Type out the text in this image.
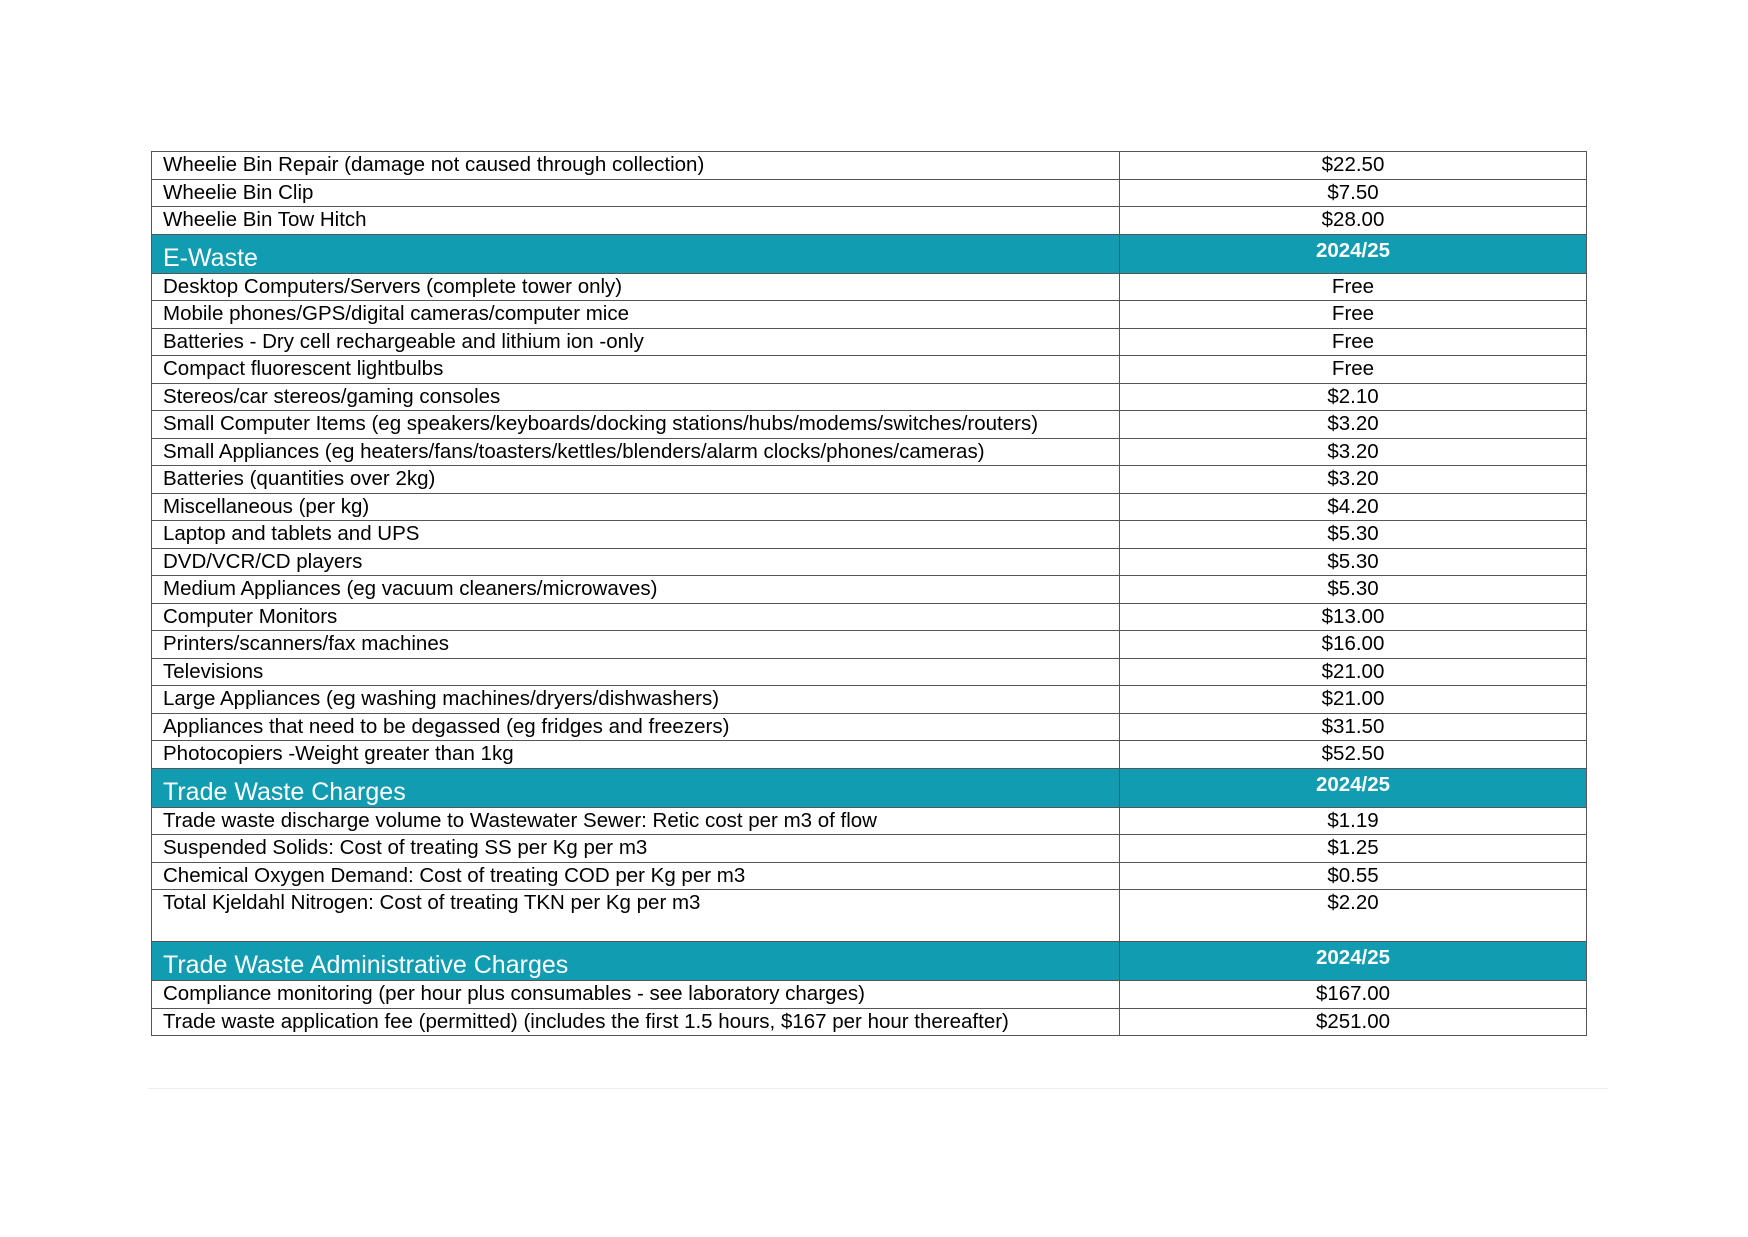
Wheelie Bin Repair (damage not caused through collection)	$22.50
Wheelie Bin Clip	$7.50
Wheelie Bin Tow Hitch	$28.00
E-Waste	2024/25
Desktop Computers/Servers (complete tower only)	Free
Mobile phones/GPS/digital cameras/computer mice	Free
Batteries - Dry cell rechargeable and lithium ion -only	Free
Compact fluorescent lightbulbs	Free
Stereos/car stereos/gaming consoles	$2.10
Small Computer Items (eg speakers/keyboards/docking stations/hubs/modems/switches/routers)	$3.20
Small Appliances (eg heaters/fans/toasters/kettles/blenders/alarm clocks/phones/cameras)	$3.20
Batteries (quantities over 2kg)	$3.20
Miscellaneous (per kg)	$4.20
Laptop and tablets and UPS	$5.30
DVD/VCR/CD players	$5.30
Medium Appliances (eg vacuum cleaners/microwaves)	$5.30
Computer Monitors	$13.00
Printers/scanners/fax machines	$16.00
Televisions	$21.00
Large Appliances (eg washing machines/dryers/dishwashers)	$21.00
Appliances that need to be degassed (eg fridges and freezers)	$31.50
Photocopiers -Weight greater than 1kg	$52.50
Trade Waste Charges	2024/25
Trade waste discharge volume to Wastewater Sewer: Retic cost per m3 of flow	$1.19
Suspended Solids: Cost of treating SS per Kg per m3	$1.25
Chemical Oxygen Demand: Cost of treating COD per Kg per m3	$0.55
Total Kjeldahl Nitrogen: Cost of treating TKN per Kg per m3	$2.20
Trade Waste Administrative Charges	2024/25
Compliance monitoring (per hour plus consumables - see laboratory charges)	$167.00
Trade waste application fee (permitted) (includes the first 1.5 hours, $167 per hour thereafter)	$251.00
